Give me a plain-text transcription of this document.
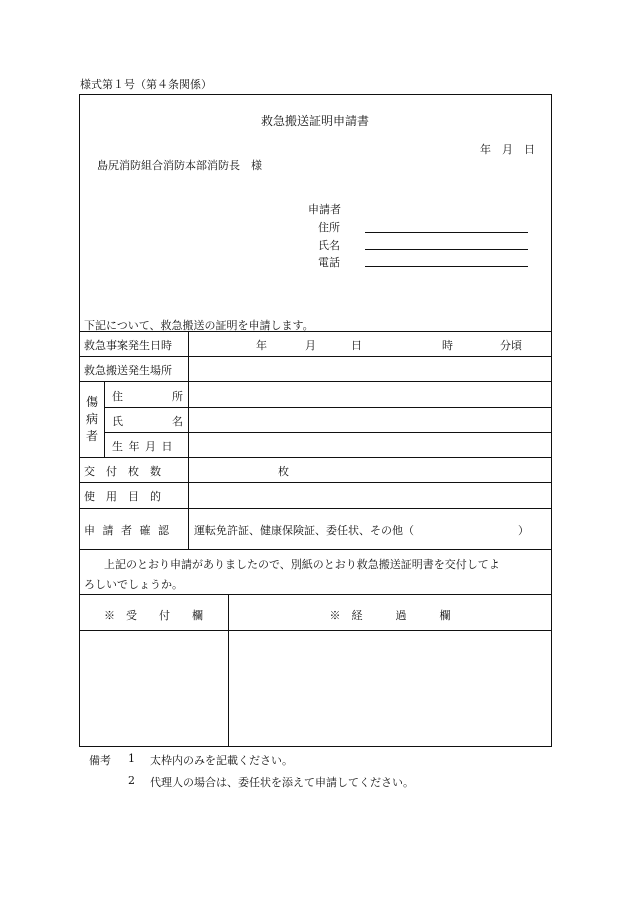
様式第１号（第４条関係）
救急搬送証明申請書
年 月 日
島尻消防組合消防本部消防長　様
申請者
住所
氏名
電話
下記について、救急搬送の証明を申請します。
救急事案発生日時	年	月	日	時	分頃
救急搬送発生場所
傷
病
者
住	所
氏	名
生 年 月 日
交　付　枚　数	枚
使　用　目　的
申 請 者 確 認 運転免許証、健康保険証、委任状、その他（	）
上記のとおり申請がありましたので、別紙のとおり救急搬送証明書を交付してよ
ろしいでしょうか。
※　受　　付　　欄	※　経　　　過　　　欄
備考 1 太枠内のみを記載ください。
2 代理人の場合は、委任状を添えて申請してください。
